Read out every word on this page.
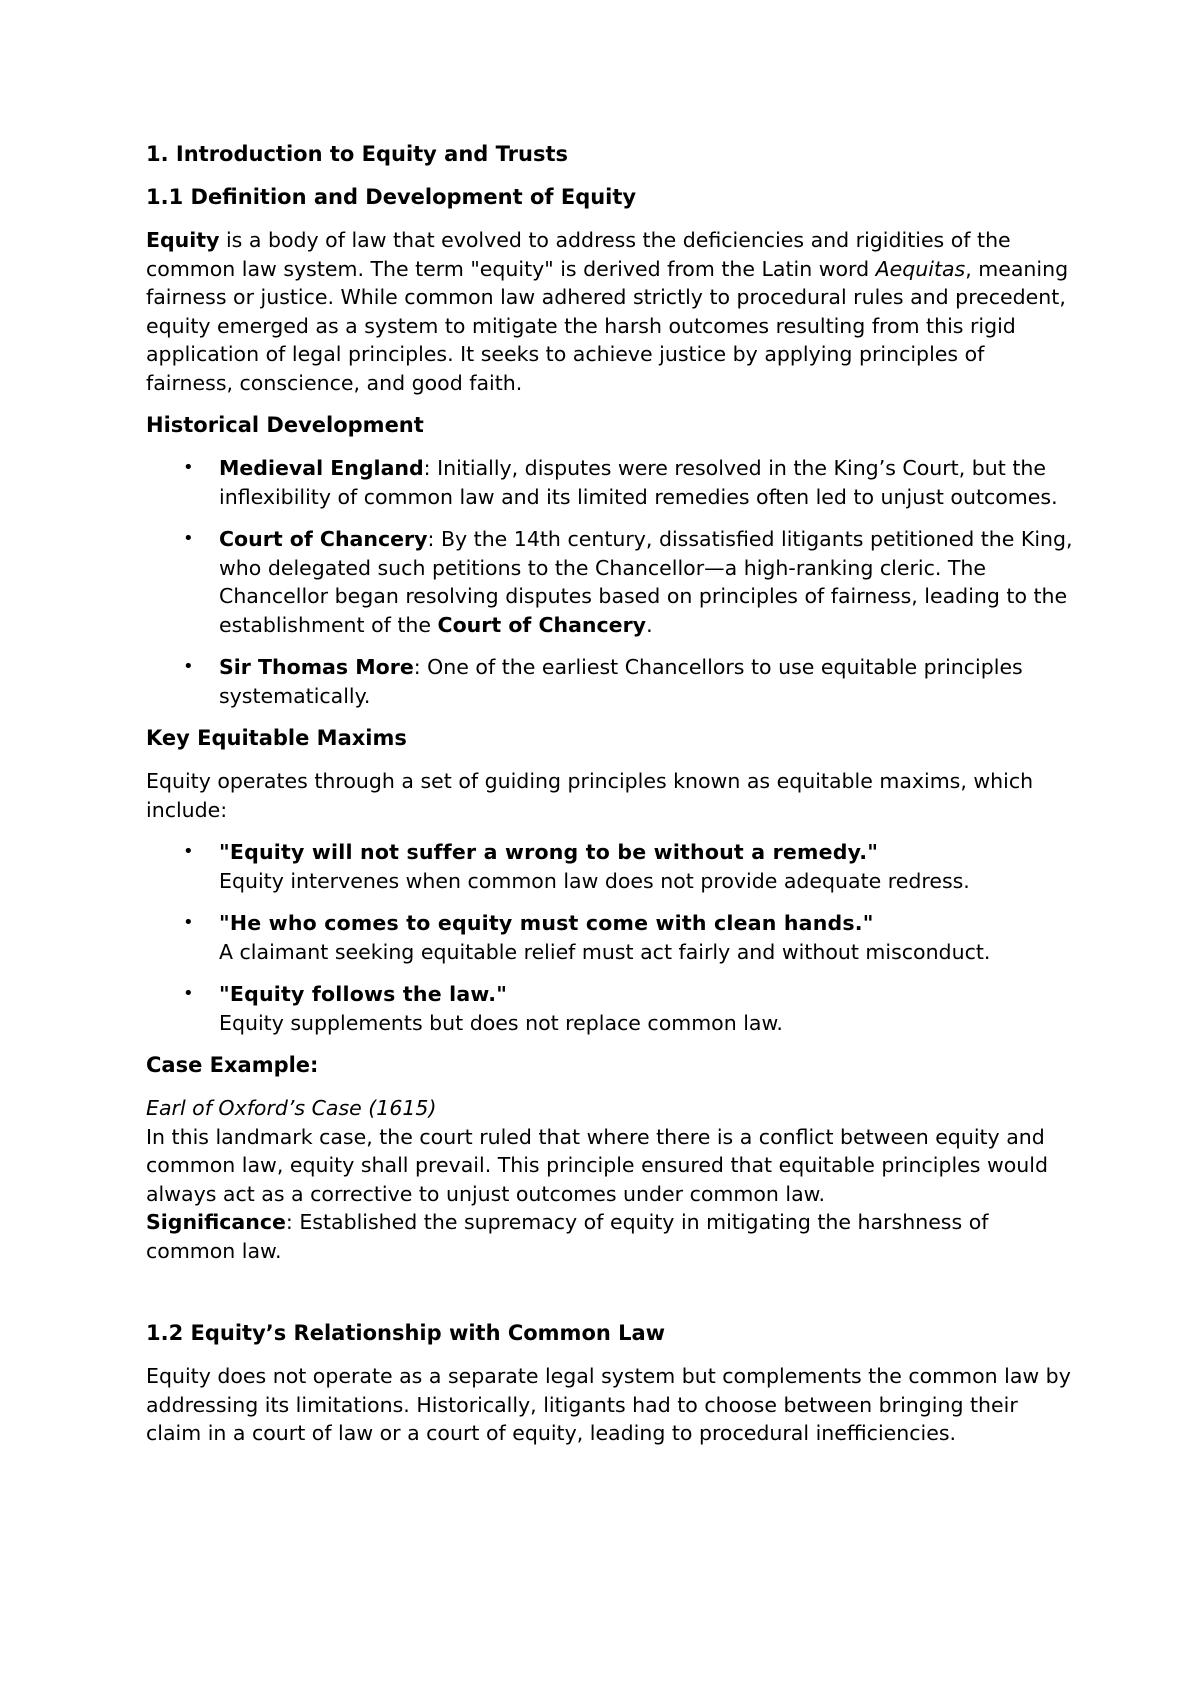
1. Introduction to Equity and Trusts
1.1 Definition and Development of Equity

Equity is a body of law that evolved to address the deficiencies and rigidities of the common law system. The term "equity" is derived from the Latin word Aequitas, meaning fairness or justice. While common law adhered strictly to procedural rules and precedent, equity emerged as a system to mitigate the harsh outcomes resulting from this rigid application of legal principles. It seeks to achieve justice by applying principles of fairness, conscience, and good faith.

Historical Development
• Medieval England: Initially, disputes were resolved in the King’s Court, but the inflexibility of common law and its limited remedies often led to unjust outcomes.
• Court of Chancery: By the 14th century, dissatisfied litigants petitioned the King, who delegated such petitions to the Chancellor—a high-ranking cleric. The Chancellor began resolving disputes based on principles of fairness, leading to the establishment of the Court of Chancery.
• Sir Thomas More: One of the earliest Chancellors to use equitable principles systematically.
Key Equitable Maxims

Equity operates through a set of guiding principles known as equitable maxims, which include:

• "Equity will not suffer a wrong to be without a remedy."
Equity intervenes when common law does not provide adequate redress.
• "He who comes to equity must come with clean hands."
A claimant seeking equitable relief must act fairly and without misconduct.
• "Equity follows the law."
Equity supplements but does not replace common law.
Case Example:

Earl of Oxford’s Case (1615)
In this landmark case, the court ruled that where there is a conflict between equity and common law, equity shall prevail. This principle ensured that equitable principles would always act as a corrective to unjust outcomes under common law.

Significance: Established the supremacy of equity in mitigating the harshness of common law.

1.2 Equity’s Relationship with Common Law

Equity does not operate as a separate legal system but complements the common law by addressing its limitations. Historically, litigants had to choose between bringing their claim in a court of law or a court of equity, leading to procedural inefficiencies.
